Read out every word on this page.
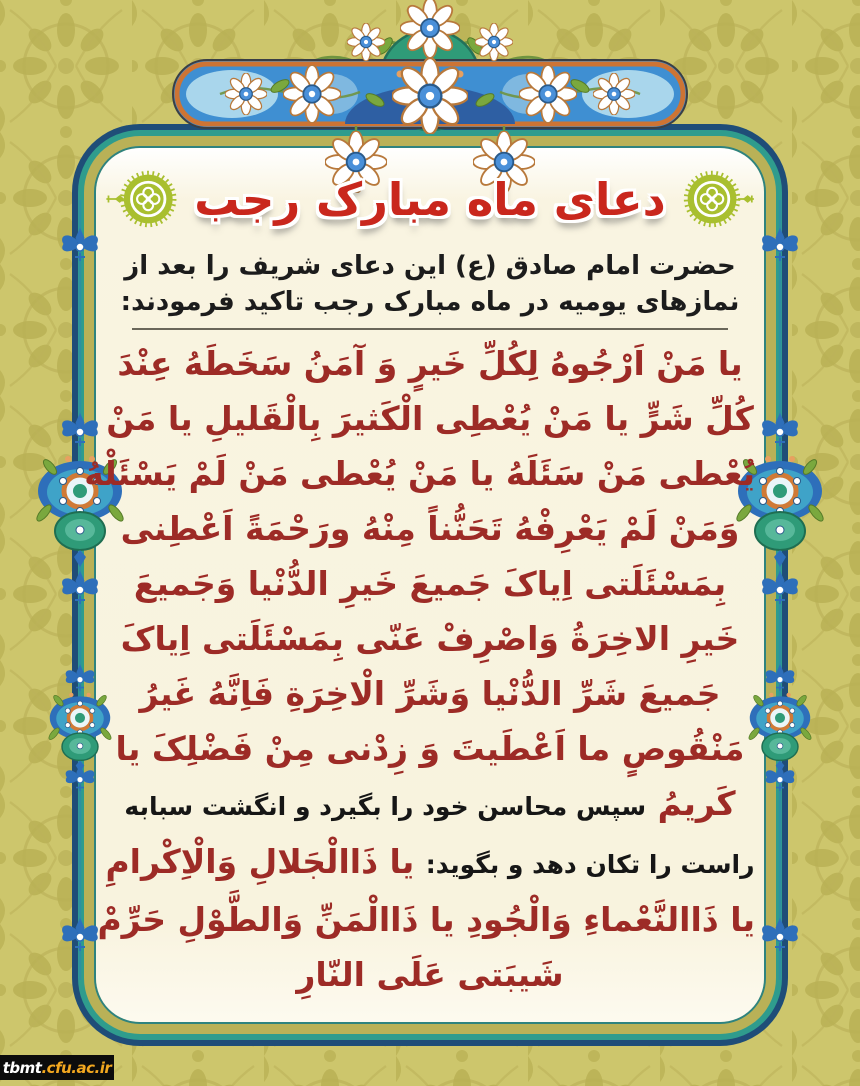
دعای ماه مبارک رجب
حضرت امام صادق (ع) این دعای شریف را بعد از نمازهای یومیه در ماه مبارک رجب تاکید فرمودند:
یا مَنْ اَرْجُوهُ لِکُلِّ خَیرٍ وَ آمَنُ سَخَطَهُ عِنْدَ
کُلِّ شَرٍّ یا مَنْ یُعْطِی الْکَثیرَ بِالْقَلیلِ یا مَنْ
یُعْطی مَنْ سَئَلَهُ یا مَنْ یُعْطی مَنْ لَمْ یَسْئَلْهُ
وَمَنْ لَمْ یَعْرِفْهُ تَحَنُّناً مِنْهُ ورَحْمَةً اَعْطِنی
بِمَسْئَلَتی اِیاکَ جَمیعَ خَیرِ الدُّنْیا وَجَمیعَ
خَیرِ الاخِرَةُ وَاصْرِفْ عَنّی بِمَسْئَلَتی اِیاکَ
جَمیعَ شَرِّ الدُّنْیا وَشَرِّ الْاخِرَةِ فَاِنَّهُ غَیرُ
مَنْقُوصٍ ما اَعْطَیتَ وَ زِدْنی مِنْ فَضْلِکَ یا
کَریمُ سپس محاسن خود را بگیرد و انگشت سبابه
راست را تکان دهد و بگوید: یا ذَاالْجَلالِ وَالْاِکْرامِ
یا ذَاالنَّعْماءِ وَالْجُودِ یا ذَاالْمَنِّ وَالطَّوْلِ حَرِّمْ
شَیبَتی عَلَی النّارِ
tbmt .cfu.ac.ir
